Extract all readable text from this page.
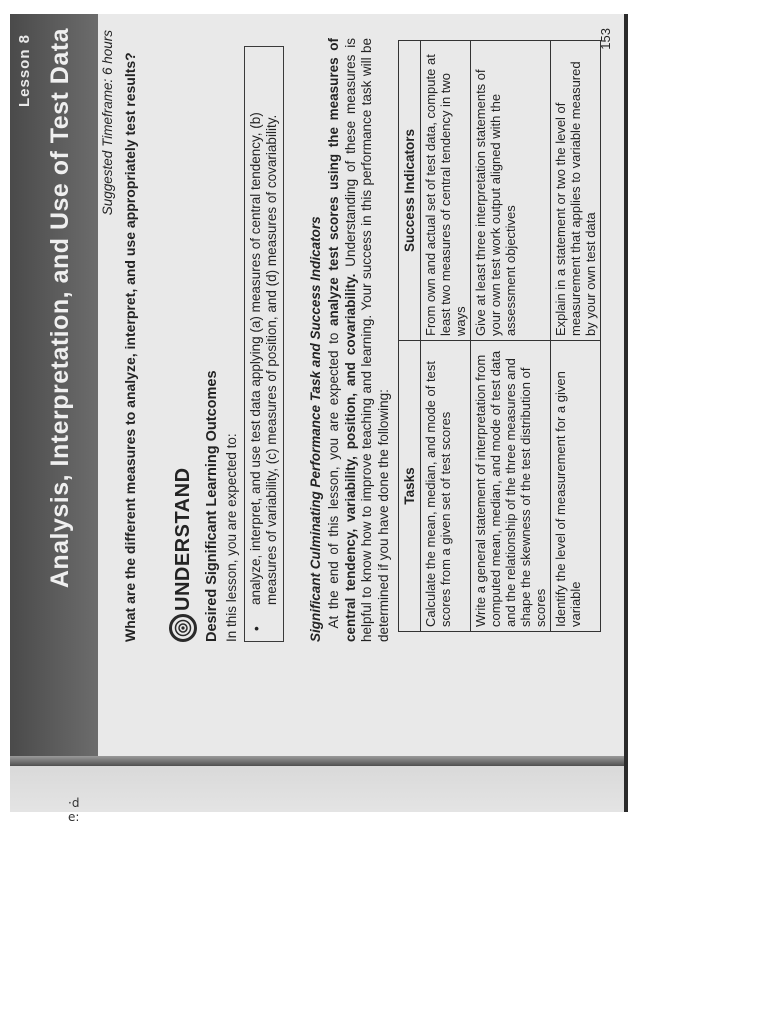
Lesson 8 Analysis, Interpretation, and Use of Test Data Suggested Timeframe: 6 hours What are the different measures to analyze, interpret, and use appropriately test results? UNDERSTAND Desired Significant Learning Outcomes In this lesson, you are expected to: •
analyze, interpret, and use test data applying (a) measures of central tendency, (b) measures of variability, (c) measures of position, and (d) measures of covariability. Significant Culminating Performance Task and Success Indicators

  At the end of this lesson, you are expected to analyze test scores using the measures of central tendency, variability, position, and covariability. Understanding of these measures is helpful to know how to improve teaching and learning. Your success in this performance task will be determined if you have done the following: Tasks	Success Indicators
Calculate the mean, median, and mode of test scores from a given set of test scores	From own and actual set of test data, compute at least two measures of central tendency in two ways
Write a general statement of interpretation from computed mean, median, and mode of test data and the relationship of the three measures and shape the skewness of the test distribution of scores	Give at least three interpretation statements of your own test work output aligned with the assessment objectives
Identify the level of measurement for a given variable	Explain in a statement or two the level of measurement that applies to variable measured by your own test data
153
·d
e:
